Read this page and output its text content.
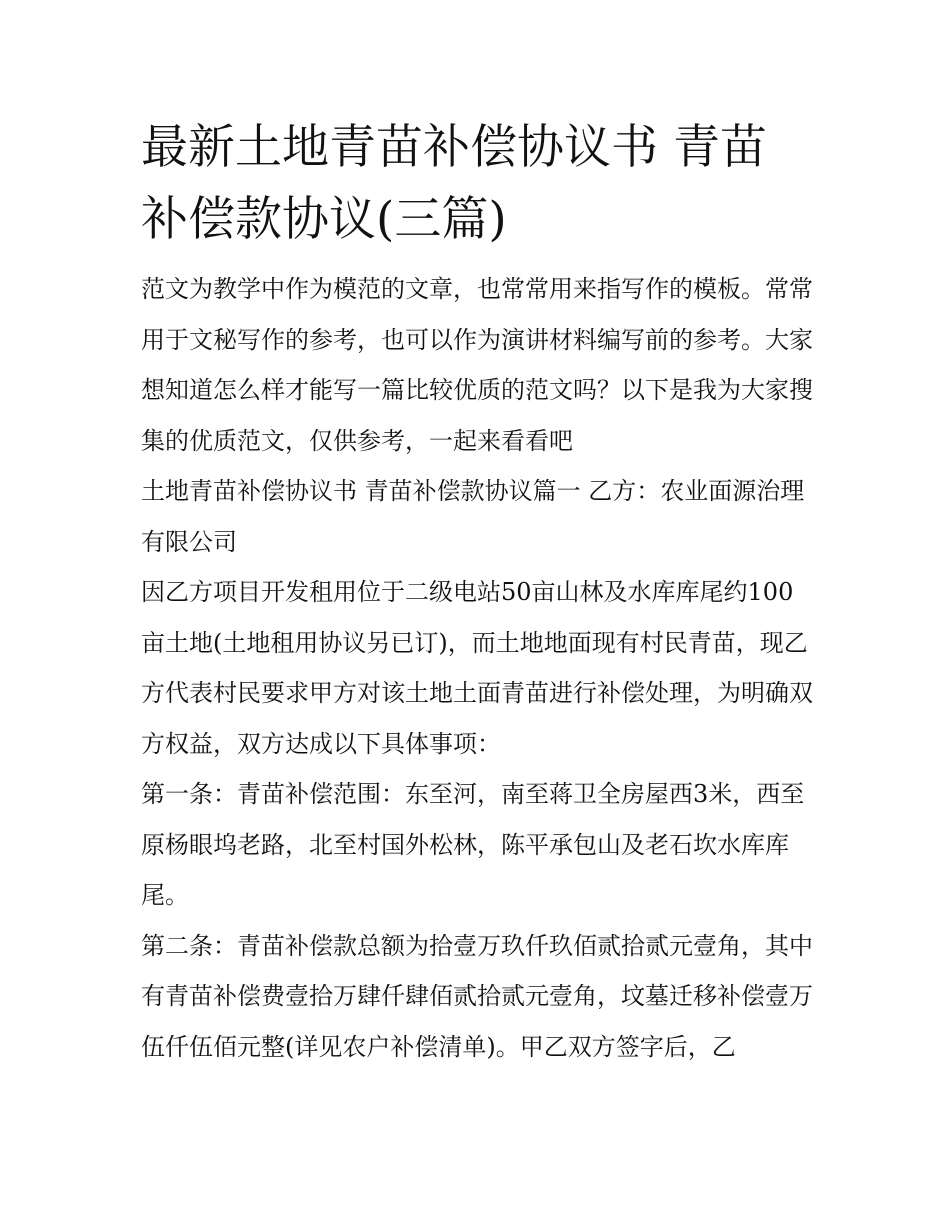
最新土地青苗补偿协议书 青苗补偿款协议(三篇)

范文为教学中作为模范的文章，也常常用来指写作的模板。常常用于文秘写作的参考，也可以作为演讲材料编写前的参考。大家想知道怎么样才能写一篇比较优质的范文吗？以下是我为大家搜集的优质范文，仅供参考，一起来看看吧

土地青苗补偿协议书 青苗补偿款协议篇一 乙方：农业面源治理有限公司

因乙方项目开发租用位于二级电站50亩山林及水库库尾约100亩土地(土地租用协议另已订)，而土地地面现有村民青苗，现乙方代表村民要求甲方对该土地土面青苗进行补偿处理，为明确双方权益，双方达成以下具体事项：

第一条：青苗补偿范围：东至河，南至蒋卫全房屋西3米，西至原杨眼坞老路，北至村国外松林，陈平承包山及老石坎水库库尾。

第二条：青苗补偿款总额为拾壹万玖仟玖佰贰拾贰元壹角，其中有青苗补偿费壹拾万肆仟肆佰贰拾贰元壹角，坟墓迁移补偿壹万伍仟伍佰元整(详见农户补偿清单)。甲乙双方签字后，乙
